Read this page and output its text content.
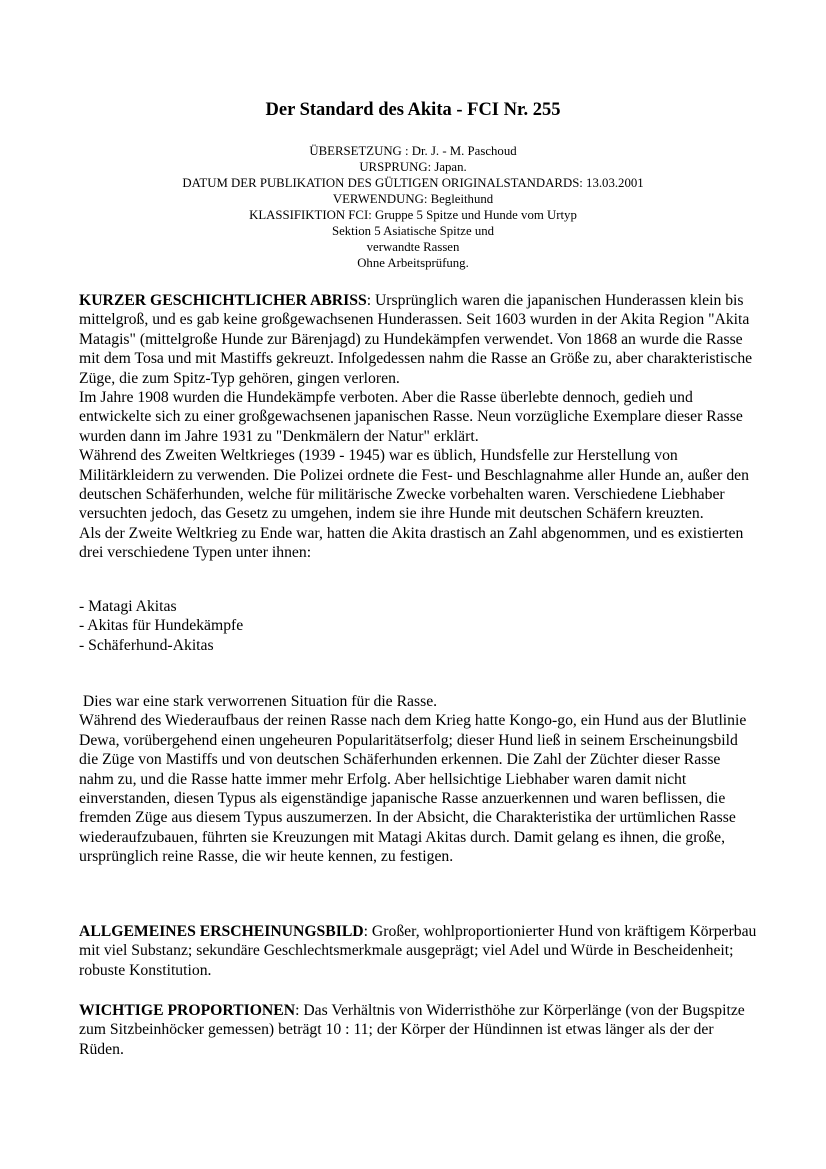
Der Standard des Akita - FCI Nr. 255
ÜBERSETZUNG : Dr. J. - M. Paschoud
URSPRUNG: Japan.
DATUM DER PUBLIKATION DES GÜLTIGEN ORIGINALSTANDARDS: 13.03.2001
VERWENDUNG: Begleithund
KLASSIFIKTION FCI: Gruppe 5 Spitze und Hunde vom Urtyp
Sektion 5 Asiatische Spitze und
verwandte Rassen
Ohne Arbeitsprüfung.

KURZER GESCHICHTLICHER ABRISS: Ursprünglich waren die japanischen Hunderassen klein bis mittelgroß, und es gab keine großgewachsenen Hunderassen. Seit 1603 wurden in der Akita Region "Akita Matagis" (mittelgroße Hunde zur Bärenjagd) zu Hundekämpfen verwendet. Von 1868 an wurde die Rasse mit dem Tosa und mit Mastiffs gekreuzt. Infolgedessen nahm die Rasse an Größe zu, aber charakteristische Züge, die zum Spitz-Typ gehören, gingen verloren.

Im Jahre 1908 wurden die Hundekämpfe verboten. Aber die Rasse überlebte dennoch, gedieh und entwickelte sich zu einer großgewachsenen japanischen Rasse. Neun vorzügliche Exemplare dieser Rasse wurden dann im Jahre 1931 zu "Denkmälern der Natur" erklärt.

Während des Zweiten Weltkrieges (1939 - 1945) war es üblich, Hundsfelle zur Herstellung von Militärkleidern zu verwenden. Die Polizei ordnete die Fest- und Beschlagnahme aller Hunde an, außer den deutschen Schäferhunden, welche für militärische Zwecke vorbehalten waren. Verschiedene Liebhaber versuchten jedoch, das Gesetz zu umgehen, indem sie ihre Hunde mit deutschen Schäfern kreuzten.

Als der Zweite Weltkrieg zu Ende war, hatten die Akita drastisch an Zahl abgenommen, und es existierten drei verschiedene Typen unter ihnen:

- Matagi Akitas
- Akitas für Hundekämpfe
- Schäferhund-Akitas

Dies war eine stark verworrenen Situation für die Rasse.

Während des Wiederaufbaus der reinen Rasse nach dem Krieg hatte Kongo-go, ein Hund aus der Blutlinie Dewa, vorübergehend einen ungeheuren Popularitätserfolg; dieser Hund ließ in seinem Erscheinungsbild die Züge von Mastiffs und von deutschen Schäferhunden erkennen. Die Zahl der Züchter dieser Rasse nahm zu, und die Rasse hatte immer mehr Erfolg. Aber hellsichtige Liebhaber waren damit nicht einverstanden, diesen Typus als eigenständige japanische Rasse anzuerkennen und waren beflissen, die fremden Züge aus diesem Typus auszumerzen. In der Absicht, die Charakteristika der urtümlichen Rasse wiederaufzubauen, führten sie Kreuzungen mit Matagi Akitas durch. Damit gelang es ihnen, die große, ursprünglich reine Rasse, die wir heute kennen, zu festigen.

ALLGEMEINES ERSCHEINUNGSBILD: Großer, wohlproportionierter Hund von kräftigem Körperbau mit viel Substanz; sekundäre Geschlechtsmerkmale ausgeprägt; viel Adel und Würde in Bescheidenheit; robuste Konstitution.

WICHTIGE PROPORTIONEN: Das Verhältnis von Widerristhöhe zur Körperlänge (von der Bugspitze zum Sitzbeinhöcker gemessen) beträgt 10 : 11; der Körper der Hündinnen ist etwas länger als der der Rüden.
